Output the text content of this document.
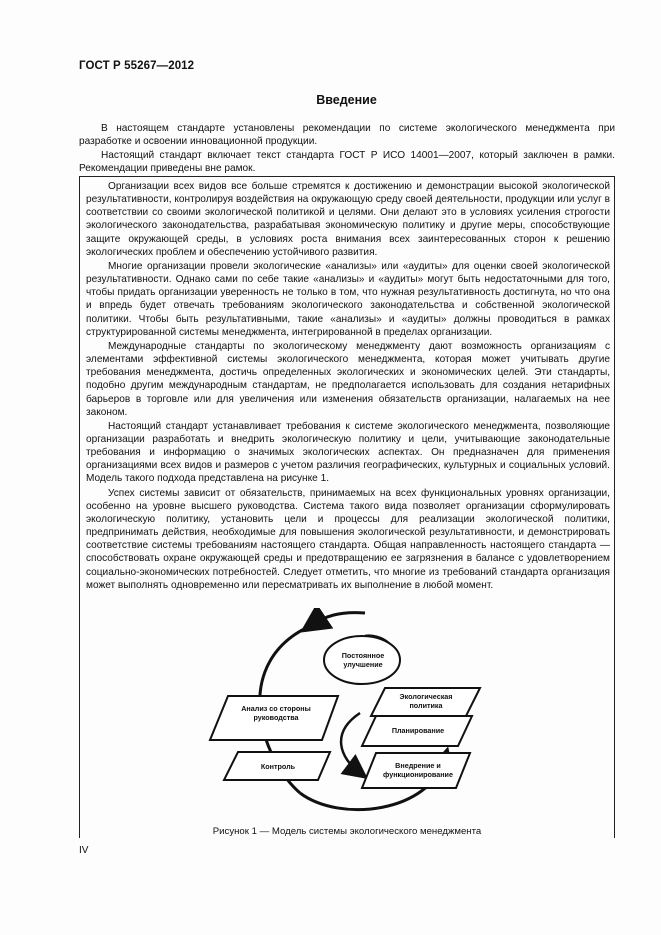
ГОСТ Р 55267—2012
Введение

В настоящем стандарте установлены рекомендации по системе экологического менеджмента при разработке и освоении инновационной продукции.

Настоящий стандарт включает текст стандарта ГОСТ Р ИСО 14001—2007, который заключен в рамки. Рекомендации приведены вне рамок.

Организации всех видов все больше стремятся к достижению и демонстрации высокой экологической результативности, контролируя воздействия на окружающую среду своей деятельности, продукции или услуг в соответствии со своими экологической политикой и целями. Они делают это в условиях усиления строгости экологического законодательства, разрабатывая экономическую политику и другие меры, способствующие защите окружающей среды, в условиях роста внимания всех заинтересованных сторон к решению экологических проблем и обеспечению устойчивого развития.

Многие организации провели экологические «анализы» или «аудиты» для оценки своей экологической результативности. Однако сами по себе такие «анализы» и «аудиты» могут быть недостаточными для того, чтобы придать организации уверенность не только в том, что нужная результативность достигнута, но что она и впредь будет отвечать требованиям экологического законодательства и собственной экологической политики. Чтобы быть результативными, такие «анализы» и «аудиты» должны проводиться в рамках структурированной системы менеджмента, интегрированной в пределах организации.

Международные стандарты по экологическому менеджменту дают возможность организациям с элементами эффективной системы экологического менеджмента, которая может учитывать другие требования менеджмента, достичь определенных экологических и экономических целей. Эти стандарты, подобно другим международным стандартам, не предполагается использовать для создания нетарифных барьеров в торговле или для увеличения или изменения обязательств организации, налагаемых на нее законом.

Настоящий стандарт устанавливает требования к системе экологического менеджмента, позволяющие организации разработать и внедрить экологическую политику и цели, учитывающие законодательные требования и информацию о значимых экологических аспектах. Он предназначен для применения организациями всех видов и размеров с учетом различия географических, культурных и социальных условий. Модель такого подхода представлена на рисунке 1.

Успех системы зависит от обязательств, принимаемых на всех функциональных уровнях организации, особенно на уровне высшего руководства. Система такого вида позволяет организации сформулировать экологическую политику, установить цели и процессы для реализации экологической политики, предпринимать действия, необходимые для повышения экологической результативности, и демонстрировать соответствие системы требованиям настоящего стандарта. Общая направленность настоящего стандарта — способствовать охране окружающей среды и предотвращению ее загрязнения в балансе с удовлетворением социально-экономических потребностей. Следует отметить, что многие из требований стандарта организация может выполнять одновременно или пересматривать их выполнение в любой момент.

Постоянное улучшение
Экологическая политика
Планирование
Внедрение и функционирование
Анализ со стороны руководства
Контроль
Рисунок 1 — Модель системы экологического менеджмента
IV
